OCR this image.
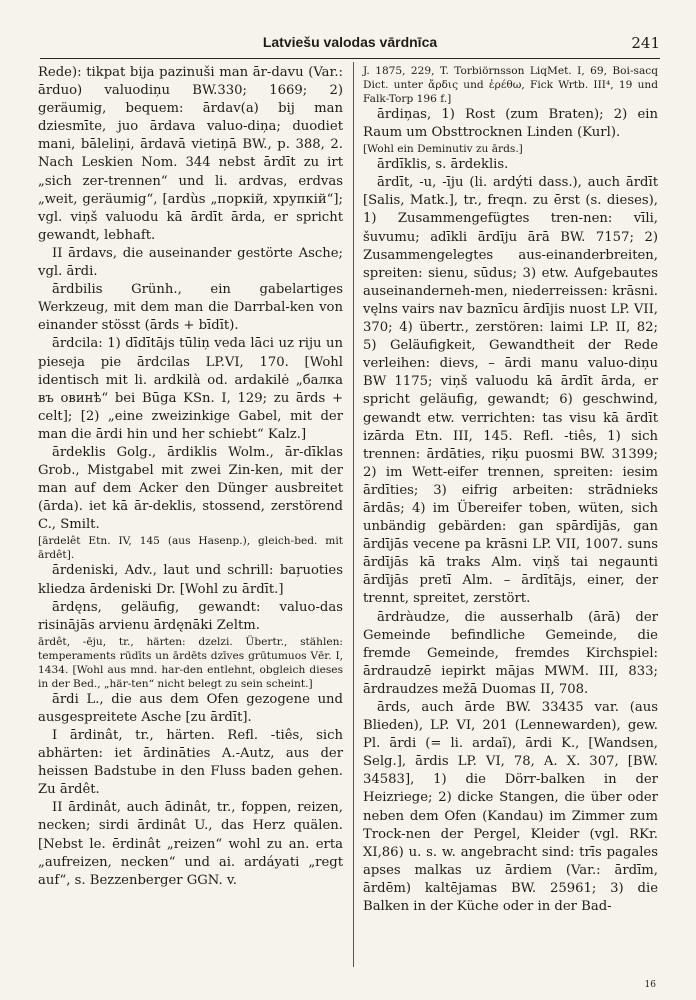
Latviešu valodas vārdnīca	241

Rede): tikpat bija pazinuši man ār-davu (Var.: ārduo) valuodiņu BW.330; 1669; 2) geräumig, bequem: ārdav(a) bij man dziesmīte, juo ārdava valuo-diņa; duodiet mani, bāleliņi, ārdavā vietiņā BW., p. 388, 2. Nach Leskien Nom. 344 nebst ārdīt zu irt „sich zer-trennen“ und li. ardvas, erdvas „weit, geräumig“, [ardùs „поркій, хрупкій“]; vgl. viņš valuodu kā ārdīt ārda, er spricht gewandt, lebhaft.

II ārdavs, die auseinander gestörte Asche; vgl. ārdi.

ārdbilis Grünh., ein gabelartiges Werkzeug, mit dem man die Darrbal-ken von einander stösst (ārds + bīdīt).

ārdcila: 1) dīdītājs tūliņ veda lāci uz riju un pieseja pie ārdcilas LP.VI, 170. [Wohl identisch mit li. ardkilà od. ardakilė „балка въ овинѣ“ bei Būga KSn. I, 129; zu ārds + celt]; [2) „eine zweizinkige Gabel, mit der man die ārdi hin und her schiebt“ Kalz.]

ārdeklis Golg., ārdiklis Wolm., ār-dīklas Grob., Mistgabel mit zwei Zin-ken, mit der man auf dem Acker den Dünger ausbreitet (ārda). iet kā ār-deklis, stossend, zerstörend C., Smilt.

[ārdelêt Etn. IV, 145 (aus Hasenp.), gleich-bed. mit ārdêt].

ārdeniski, Adv., laut und schrill: baŗuoties kliedza ārdeniski Dr. [Wohl zu ārdīt.]

ārdęns, geläufig, gewandt: valuo-das risinājās arvienu ārdęnāki Zeltm.

ārdêt, -ēju, tr., härten: dzelzi. Übertr., stählen: temperaments rūdīts un ārdēts dzīves grūtumuos Vēr. I, 1434. [Wohl aus mnd. har-den entlehnt, obgleich dieses in der Bed., „här-ten“ nicht belegt zu sein scheint.]

ārdi L., die aus dem Ofen gezogene und ausgespreitete Asche [zu ārdīt].

I ārdinât, tr., härten. Refl. -tiês, sich abhärten: iet ārdināties A.-Autz, aus der heissen Badstube in den Fluss baden gehen. Zu ārdêt.

II ārdinât, auch ādinât, tr., foppen, reizen, necken; sirdi ārdinât U., das Herz quälen. [Nebst le. ērdinât „reizen“ wohl zu an. erta „aufreizen, necken“ und ai. ardáyati „regt auf“, s. Bezzenberger GGN. v.

J. 1875, 229, T. Torbiörnsson LiqMet. I, 69, Boi-sacq Dict. unter ἄρδις und ἐρέθω, Fick Wrtb. III⁴, 19 und Falk-Torp 196 f.]

ārdiņas, 1) Rost (zum Braten); 2) ein Raum um Obsttrocknen Linden (Kurl).

[Wohl ein Deminutiv zu ārds.]

ārdīklis, s. ārdeklis.

ārdīt, -u, -īju (li. ardýti dass.), auch ārdīt [Salis, Matk.], tr., freqn. zu ērst (s. dieses), 1) Zusammengefügtes tren-nen: vīli, šuvumu; adīkli ārdīju ārā BW. 7157; 2) Zusammengelegtes aus-einanderbreiten, spreiten: sienu, sūdus; 3) etw. Aufgebautes auseinanderneh-men, niederreissen: krāsni. vęlns vairs nav baznīcu ārdījis nuost LP. VII, 370; 4) übertr., zerstören: laimi LP. II, 82; 5) Geläufigkeit, Gewandtheit der Rede verleihen: dievs, – ārdi manu valuo-diņu BW 1175; viņš valuodu kā ārdīt ārda, er spricht geläufig, gewandt; 6) geschwind, gewandt etw. verrichten: tas visu kā ārdīt izārda Etn. III, 145. Refl. -tiês, 1) sich trennen: ārdāties, riķu puosmi BW. 31399; 2) im Wett-eifer trennen, spreiten: iesim ārdīties; 3) eifrig arbeiten: strādnieks ārdās; 4) im Übereifer toben, wüten, sich unbändig gebärden: gan spārdījās, gan ārdījās vecene pa krāsni LP. VII, 1007. suns ārdījās kā traks Alm. viņš tai negaunti ārdījās pretī Alm. – ārdītājs, einer, der trennt, spreitet, zerstört.

ārdràudze, die ausserhalb (ārā) der Gemeinde befindliche Gemeinde, die fremde Gemeinde, fremdes Kirchspiel: ārdraudzē iepirkt mājas MWM. III, 833; ārdraudzes mežā Duomas II, 708.

ārds, auch ārde BW. 33435 var. (aus Blieden), LP. VI, 201 (Lennewarden), gew. Pl. ārdi (= li. ardaĩ), ārdi K., [Wandsen, Selg.], ārdis LP. VI, 78, A. X. 307, [BW. 34583], 1) die Dörr-balken in der Heizriege; 2) dicke Stangen, die über oder neben dem Ofen (Kandau) im Zimmer zum Trock-nen der Pergel, Kleider (vgl. RKr. XI,86) u. s. w. angebracht sind: trīs pagales apses malkas uz ārdiem (Var.: ārdīm, ārdēm) kaltējamas BW. 25961; 3) die Balken in der Küche oder in der Bad-

16
